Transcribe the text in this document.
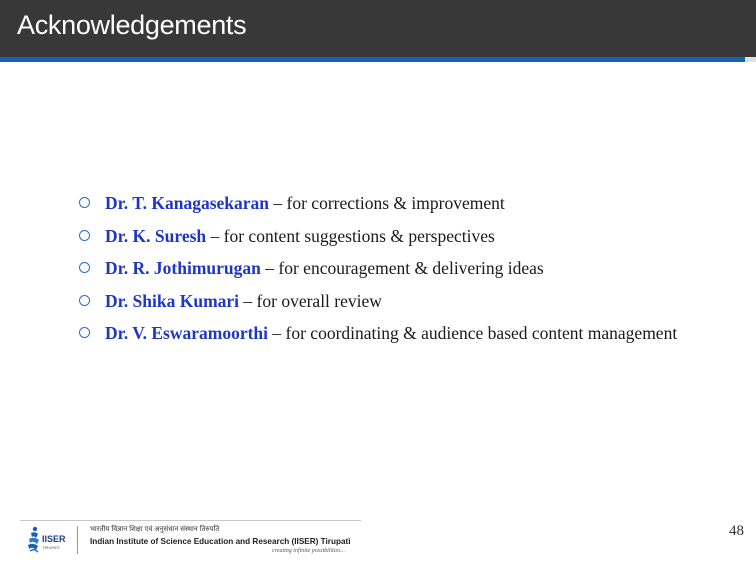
Acknowledgements
Dr. T. Kanagasekaran – for corrections & improvement
Dr. K. Suresh – for content suggestions & perspectives
Dr. R. Jothimurugan – for encouragement & delivering ideas
Dr. Shika Kumari – for overall review
Dr. V. Eswaramoorthi – for coordinating & audience based content management
IISER
TIRUPATI
भारतीय विज्ञान शिक्षा एवं अनुसंधान संस्थान तिरुपति
Indian Institute of Science Education and Research (IISER) Tirupati
creating infinite possibilities...
48
